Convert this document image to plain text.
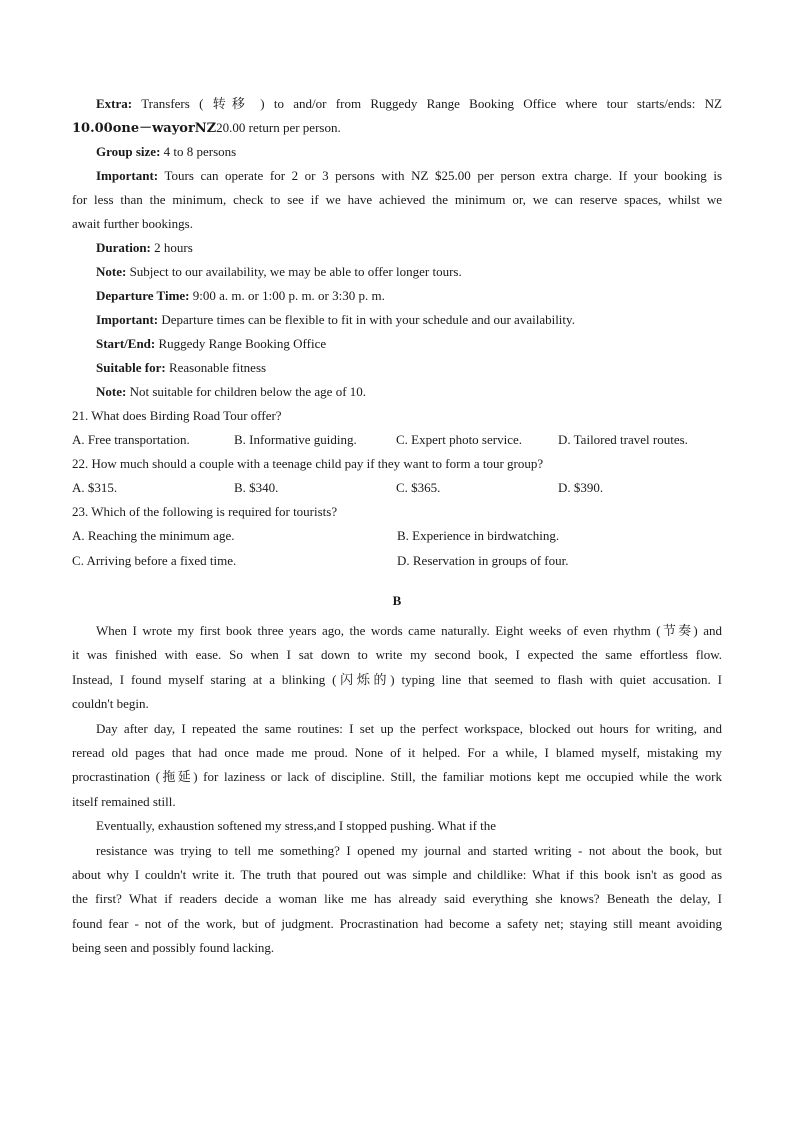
Extra: Transfers ( 转移 ) to and/or from Ruggedy Range Booking Office where tour starts/ends: NZ
10.00one－wayorNZ20.00 return per person.
Group size: 4 to 8 persons
Important: Tours can operate for 2 or 3 persons with NZ $25.00 per person extra charge. If your booking is
for less than the minimum, check to see if we have achieved the minimum or, we can reserve spaces, whilst we
await further bookings.
Duration: 2 hours
Note: Subject to our availability, we may be able to offer longer tours.
Departure Time: 9:00 a. m. or 1:00 p. m. or 3:30 p. m.
Important: Departure times can be flexible to fit in with your schedule and our availability.
Start/End: Ruggedy Range Booking Office
Suitable for: Reasonable fitness
Note: Not suitable for children below the age of 10.
21. What does Birding Road Tour offer?
A. Free transportation.	B. Informative guiding.	C. Expert photo service.	D. Tailored travel routes.
22. How much should a couple with a teenage child pay if they want to form a tour group?
A. $315.	B. $340.	C. $365.	D. $390.
23. Which of the following is required for tourists?
A. Reaching the minimum age.	B. Experience in birdwatching.
C. Arriving before a fixed time.	D. Reservation in groups of four.
B
When I wrote my first book three years ago, the words came naturally. Eight weeks of even rhythm (节奏) and
it was finished with ease. So when I sat down to write my second book, I expected the same effortless flow.
Instead, I found myself staring at a blinking (闪烁的) typing line that seemed to flash with quiet accusation. I
couldn't begin.
Day after day, I repeated the same routines: I set up the perfect workspace, blocked out hours for writing, and
reread old pages that had once made me proud. None of it helped. For a while, I blamed myself, mistaking my
procrastination (拖延) for laziness or lack of discipline. Still, the familiar motions kept me occupied while the work
itself remained still.
Eventually, exhaustion softened my stress,and I stopped pushing. What if the
resistance was trying to tell me something? I opened my journal and started writing - not about the book, but
about why I couldn't write it. The truth that poured out was simple and childlike: What if this book isn't as good as
the first? What if readers decide a woman like me has already said everything she knows? Beneath the delay, I
found fear - not of the work, but of judgment. Procrastination had become a safety net; staying still meant avoiding
being seen and possibly found lacking.
